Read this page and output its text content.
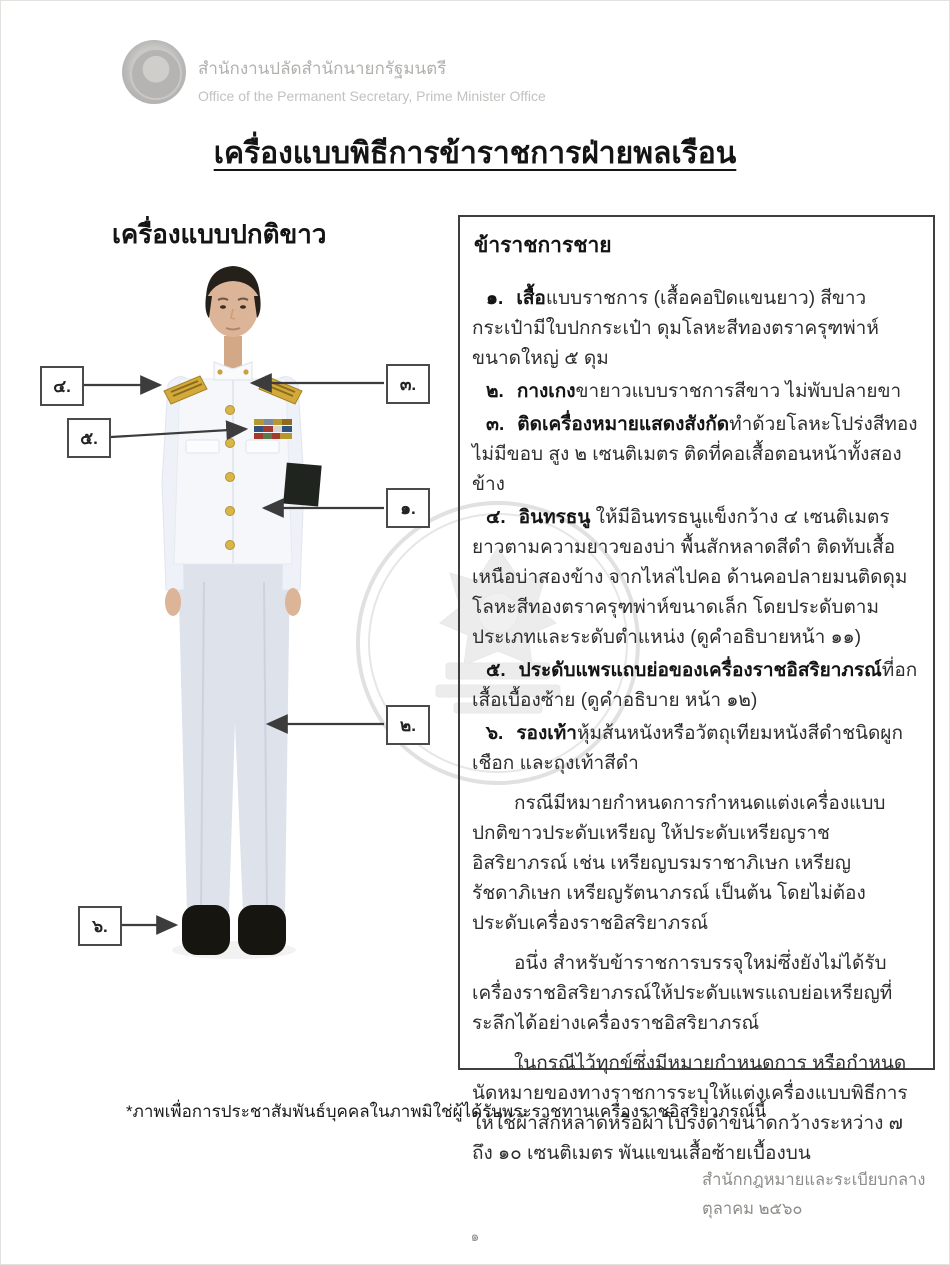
สำนักงานปลัดสำนักนายกรัฐมนตรี
Office of the Permanent Secretary, Prime Minister Office
เครื่องแบบพิธีการข้าราชการฝ่ายพลเรือน
เครื่องแบบปกติขาว
๔.	๓.
๕.
๑.
๒.
๖.
ข้าราชการชาย

๑. เสื้อแบบราชการ (เสื้อคอปิดแขนยาว) สีขาว กระเป๋ามีใบปกกระเป๋า ดุมโลหะสีทองตราครุฑพ่าห์ขนาดใหญ่ ๕ ดุม

๒. กางเกงขายาวแบบราชการสีขาว ไม่พับปลายขา

๓. ติดเครื่องหมายแสดงสังกัดทำด้วยโลหะโปร่งสีทอง ไม่มีขอบ สูง ๒ เซนติเมตร ติดที่คอเสื้อตอนหน้าทั้งสองข้าง

๔. อินทรธนู ให้มีอินทรธนูแข็งกว้าง ๔ เซนติเมตร ยาวตามความยาวของบ่า พื้นสักหลาดสีดำ ติดทับเสื้อเหนือบ่าสองข้าง จากไหล่ไปคอ ด้านคอปลายมนติดดุมโลหะสีทองตราครุฑพ่าห์ขนาดเล็ก โดยประดับตามประเภทและระดับตำแหน่ง (ดูคำอธิบายหน้า ๑๑)

๕. ประดับแพรแถบย่อของเครื่องราชอิสริยาภรณ์ที่อกเสื้อเบื้องซ้าย (ดูคำอธิบาย หน้า ๑๒)

๖. รองเท้าหุ้มส้นหนังหรือวัตถุเทียมหนังสีดำชนิดผูกเชือก และถุงเท้าสีดำ

กรณีมีหมายกำหนดการกำหนดแต่งเครื่องแบบปกติขาวประดับเหรียญ ให้ประดับเหรียญราชอิสริยาภรณ์ เช่น เหรียญบรมราชาภิเษก เหรียญรัชดาภิเษก เหรียญรัตนาภรณ์ เป็นต้น โดยไม่ต้องประดับเครื่องราชอิสริยาภรณ์

อนึ่ง สำหรับข้าราชการบรรจุใหม่ซึ่งยังไม่ได้รับเครื่องราชอิสริยาภรณ์ให้ประดับแพรแถบย่อเหรียญที่ระลึกได้อย่างเครื่องราชอิสริยาภรณ์

ในกรณีไว้ทุกข์ซึ่งมีหมายกำหนดการ หรือกำหนดนัดหมายของทางราชการระบุให้แต่งเครื่องแบบพิธีการ ให้ใช้ผ้าสักหลาดหรือผ้าโปร่งดำขนาดกว้างระหว่าง ๗ ถึง ๑๐ เซนติเมตร พันแขนเสื้อซ้ายเบื้องบน

*ภาพเพื่อการประชาสัมพันธ์บุคคลในภาพมิใช่ผู้ได้รับพระราชทานเครื่องราชอิสริยาภรณ์นี้
สำนักกฎหมายและระเบียบกลาง
ตุลาคม ๒๕๖๐
๑
